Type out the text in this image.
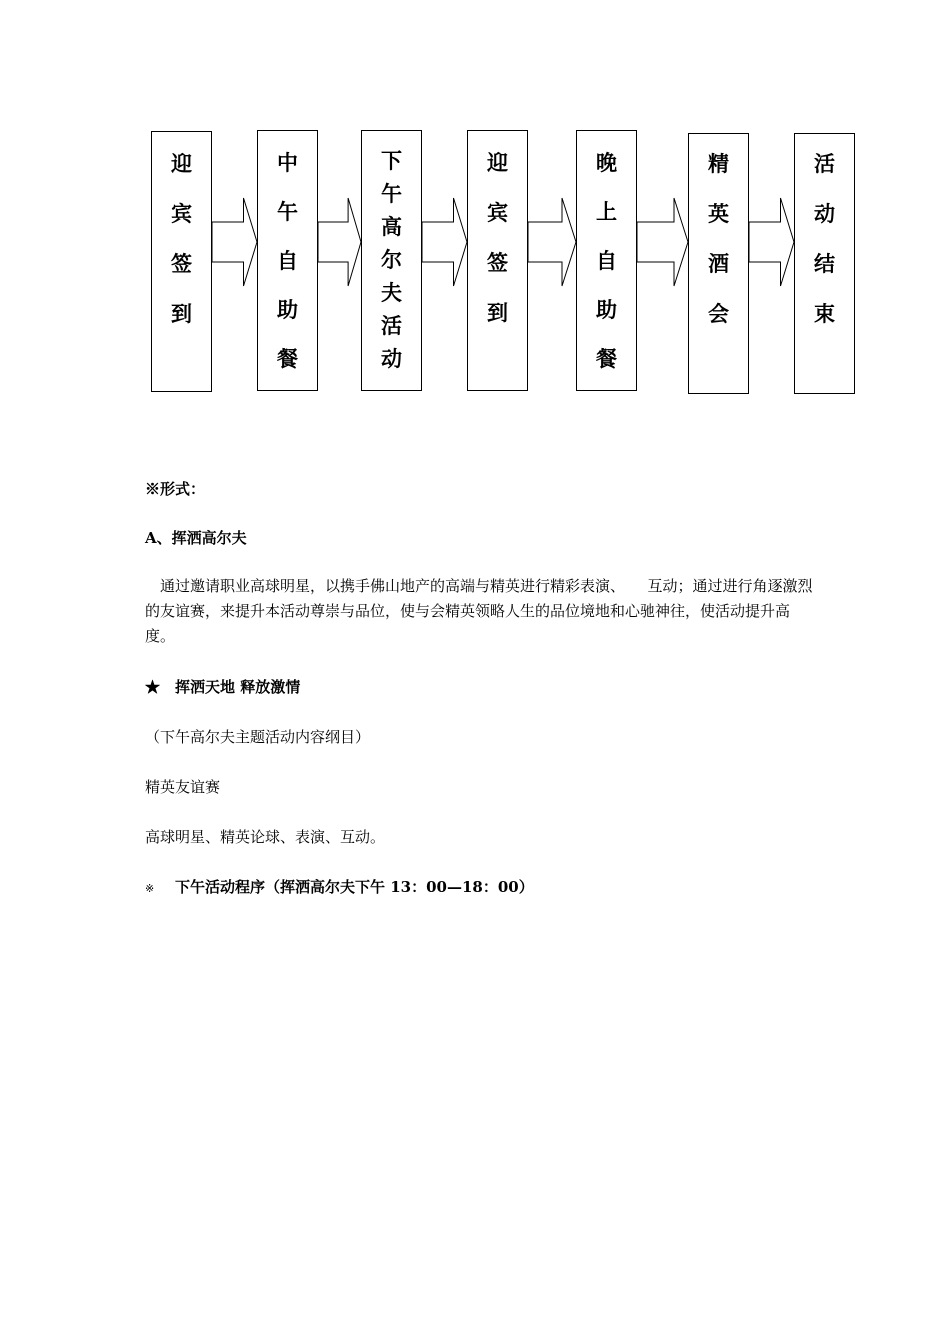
迎
宾
签
到
中
午
自
助
餐
下
午
高
尔
夫
活
动
迎
宾
签
到
晚
上
自
助
餐
精
英
酒
会
活
动
结
束
※形式：
A、挥洒高尔夫
通过邀请职业高球明星，以携手佛山地产的高端与精英进行精彩表演、　　互动；通过进行角逐激烈的友谊赛，来提升本活动尊崇与品位，使与会精英领略人生的品位境地和心驰神往，使活动提升高度。
★　挥洒天地 释放激情
（下午高尔夫主题活动内容纲目）
精英友谊赛
高球明星、精英论球、表演、互动。
※ 下午活动程序（挥洒高尔夫下午 13：00—18：00）
